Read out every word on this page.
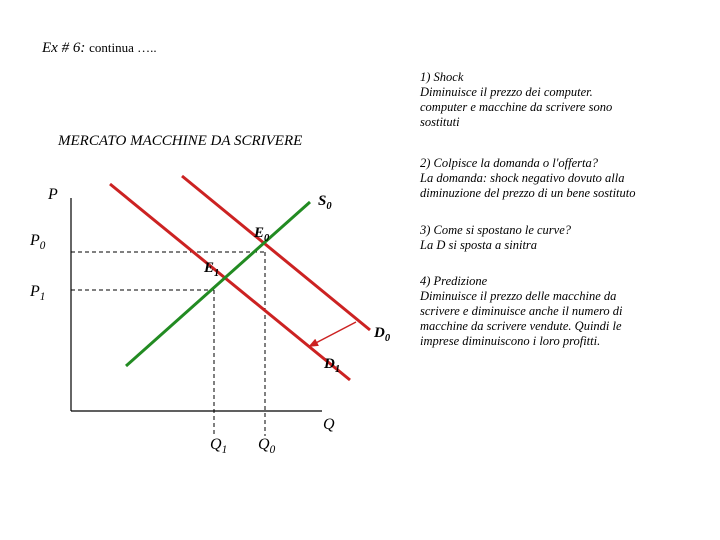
Ex # 6: continua …..
MERCATO MACCHINE DA SCRIVERE
P
Q
$P_0$
$P_1$
$Q_1$ $Q_0$
$S_0$
$D_0$
$D_1$
$E_0$
$E_1$
1) Shock
Diminuisce il prezzo dei computer.
computer e macchine da scrivere sono
sostituti
2) Colpisce la domanda o l'offerta?
La domanda: shock negativo dovuto alla
diminuzione del prezzo di un bene sostituto
3) Come si spostano le curve?
La D si sposta a sinitra
4) Predizione
Diminuisce il prezzo delle macchine da
scrivere e diminuisce anche il numero di
macchine da scrivere vendute. Quindi le
imprese diminuiscono i loro profitti.
